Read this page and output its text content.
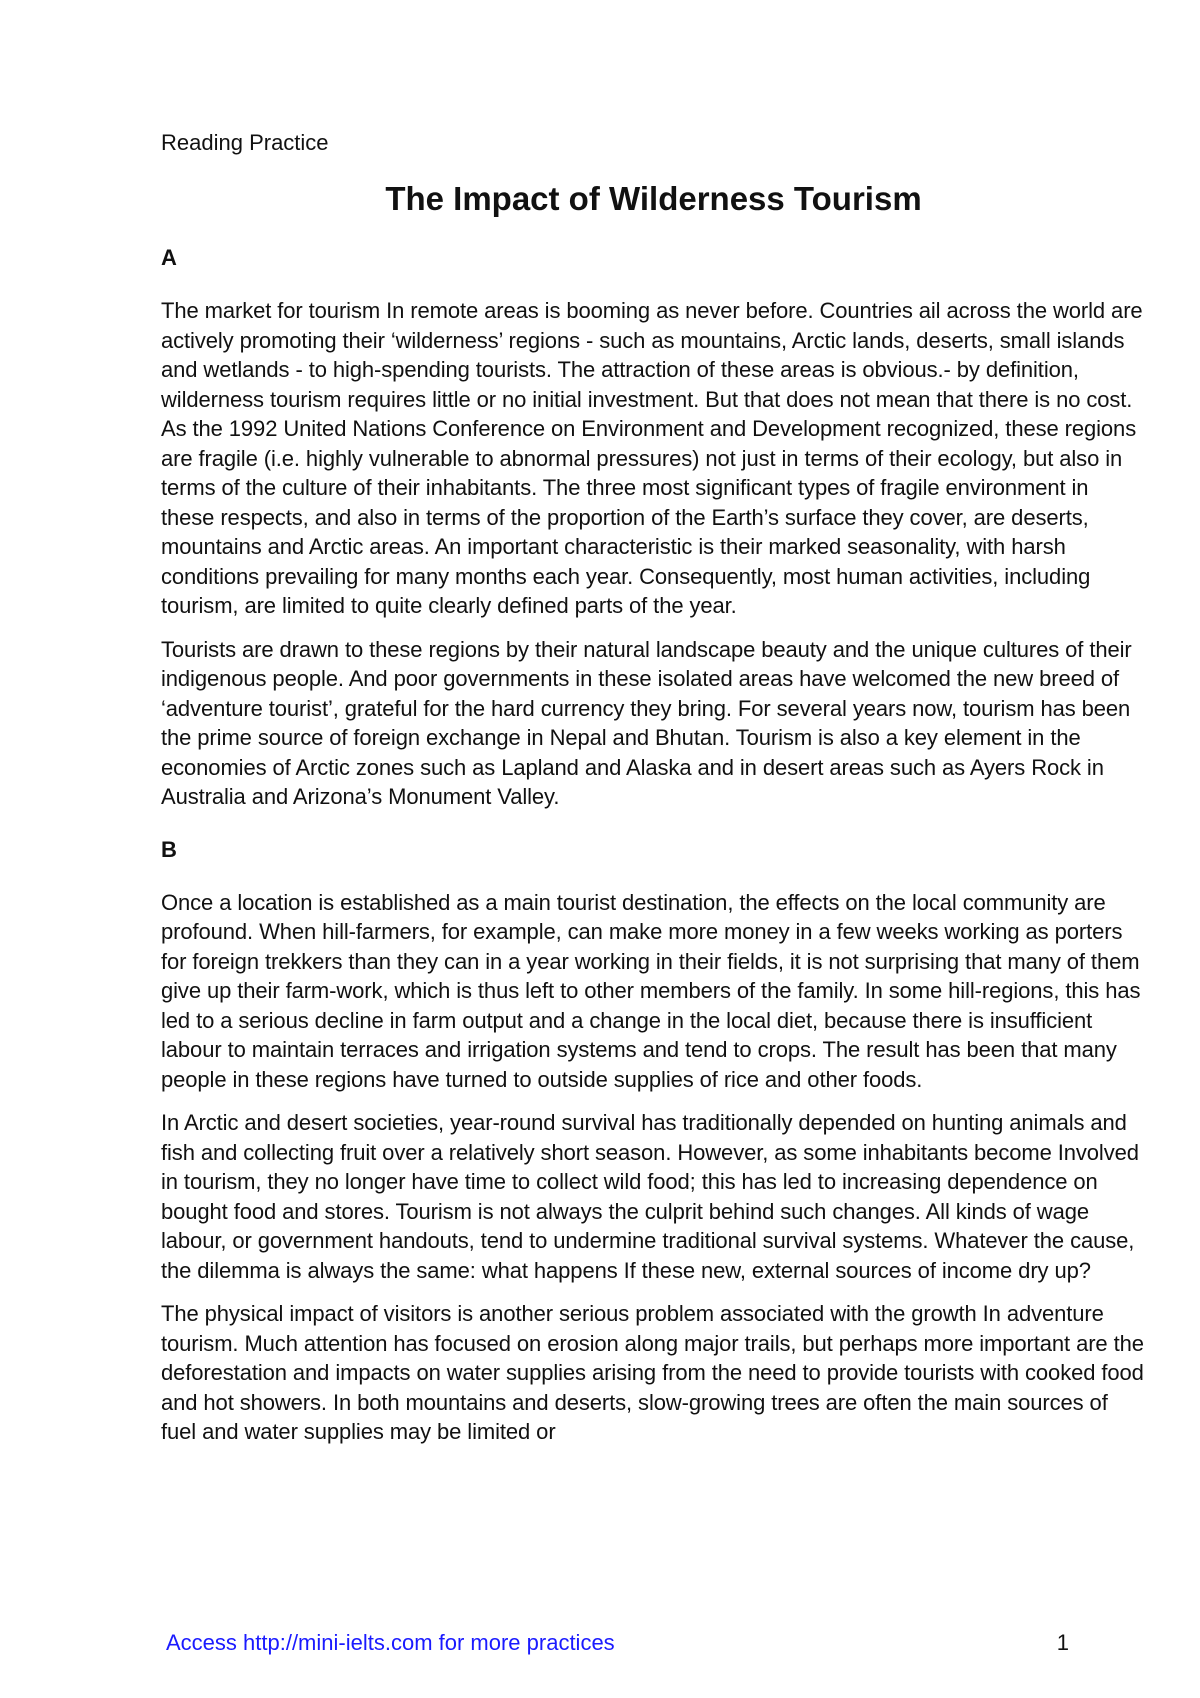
Reading Practice

The Impact of Wilderness Tourism
A

The market for tourism In remote areas is booming as never before. Countries ail across the world are actively promoting their ‘wilderness’ regions - such as mountains, Arctic lands, deserts, small islands and wetlands - to high-spending tourists. The attraction of these areas is obvious.- by definition, wilderness tourism requires little or no initial investment. But that does not mean that there is no cost. As the 1992 United Nations Conference on Environment and Development recognized, these regions are fragile (i.e. highly vulnerable to abnormal pressures) not just in terms of their ecology, but also in terms of the culture of their inhabitants. The three most significant types of fragile environment in these respects, and also in terms of the proportion of the Earth’s surface they cover, are deserts, mountains and Arctic areas. An important characteristic is their marked seasonality, with harsh conditions prevailing for many months each year. Consequently, most human activities, including tourism, are limited to quite clearly defined parts of the year.

Tourists are drawn to these regions by their natural landscape beauty and the unique cultures of their indigenous people. And poor governments in these isolated areas have welcomed the new breed of ‘adventure tourist’, grateful for the hard currency they bring. For several years now, tourism has been the prime source of foreign exchange in Nepal and Bhutan. Tourism is also a key element in the economies of Arctic zones such as Lapland and Alaska and in desert areas such as Ayers Rock in Australia and Arizona’s Monument Valley.

B

Once a location is established as a main tourist destination, the effects on the local community are profound. When hill-farmers, for example, can make more money in a few weeks working as porters for foreign trekkers than they can in a year working in their fields, it is not surprising that many of them give up their farm-work, which is thus left to other members of the family. In some hill-regions, this has led to a serious decline in farm output and a change in the local diet, because there is insufficient labour to maintain terraces and irrigation systems and tend to crops. The result has been that many people in these regions have turned to outside supplies of rice and other foods.

In Arctic and desert societies, year-round survival has traditionally depended on hunting animals and fish and collecting fruit over a relatively short season. However, as some inhabitants become Involved in tourism, they no longer have time to collect wild food; this has led to increasing dependence on bought food and stores. Tourism is not always the culprit behind such changes. All kinds of wage labour, or government handouts, tend to undermine traditional survival systems. Whatever the cause, the dilemma is always the same: what happens If these new, external sources of income dry up?

The physical impact of visitors is another serious problem associated with the growth In adventure tourism. Much attention has focused on erosion along major trails, but perhaps more important are the deforestation and impacts on water supplies arising from the need to provide tourists with cooked food and hot showers. In both mountains and deserts, slow-growing trees are often the main sources of fuel and water supplies may be limited or

Access http://mini-ielts.com for more practices	1
